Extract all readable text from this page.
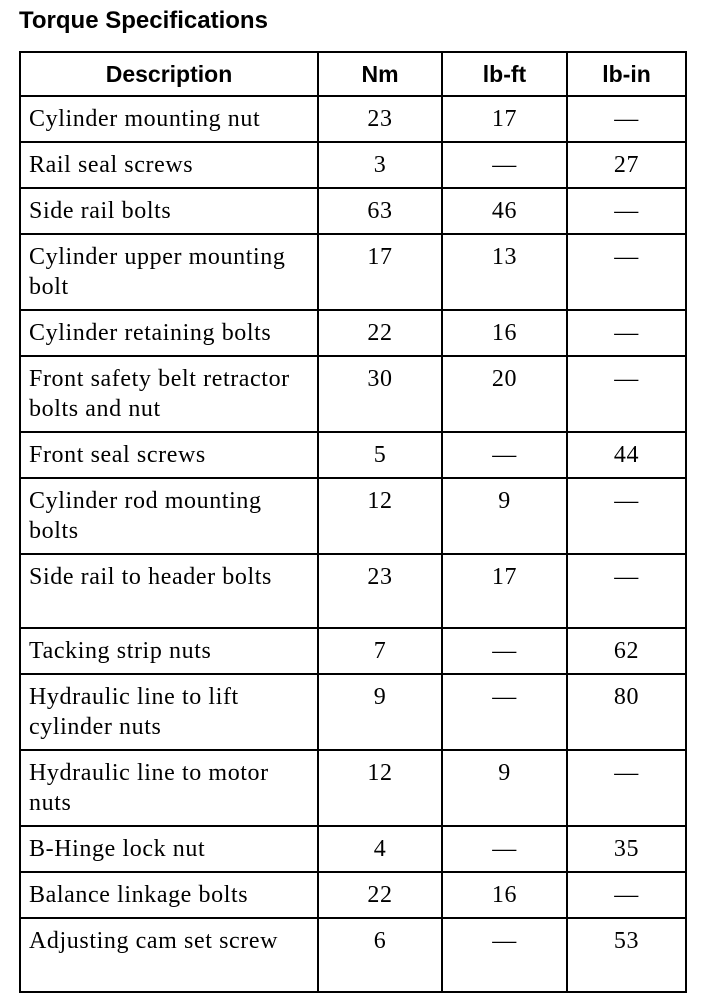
Torque Specifications
Description	Nm	lb-ft	lb-in
Cylinder mounting nut	23	17	—
Rail seal screws	3	—	27
Side rail bolts	63	46	—
Cylinder upper mounting bolt	17	13	—
Cylinder retaining bolts	22	16	—
Front safety belt retractor bolts and nut	30	20	—
Front seal screws	5	—	44
Cylinder rod mounting bolts	12	9	—
Side rail to header bolts	23	17	—
Tacking strip nuts	7	—	62
Hydraulic line to lift cylinder nuts	9	—	80
Hydraulic line to motor nuts	12	9	—
B-Hinge lock nut	4	—	35
Balance linkage bolts	22	16	—
Adjusting cam set screw	6	—	53
